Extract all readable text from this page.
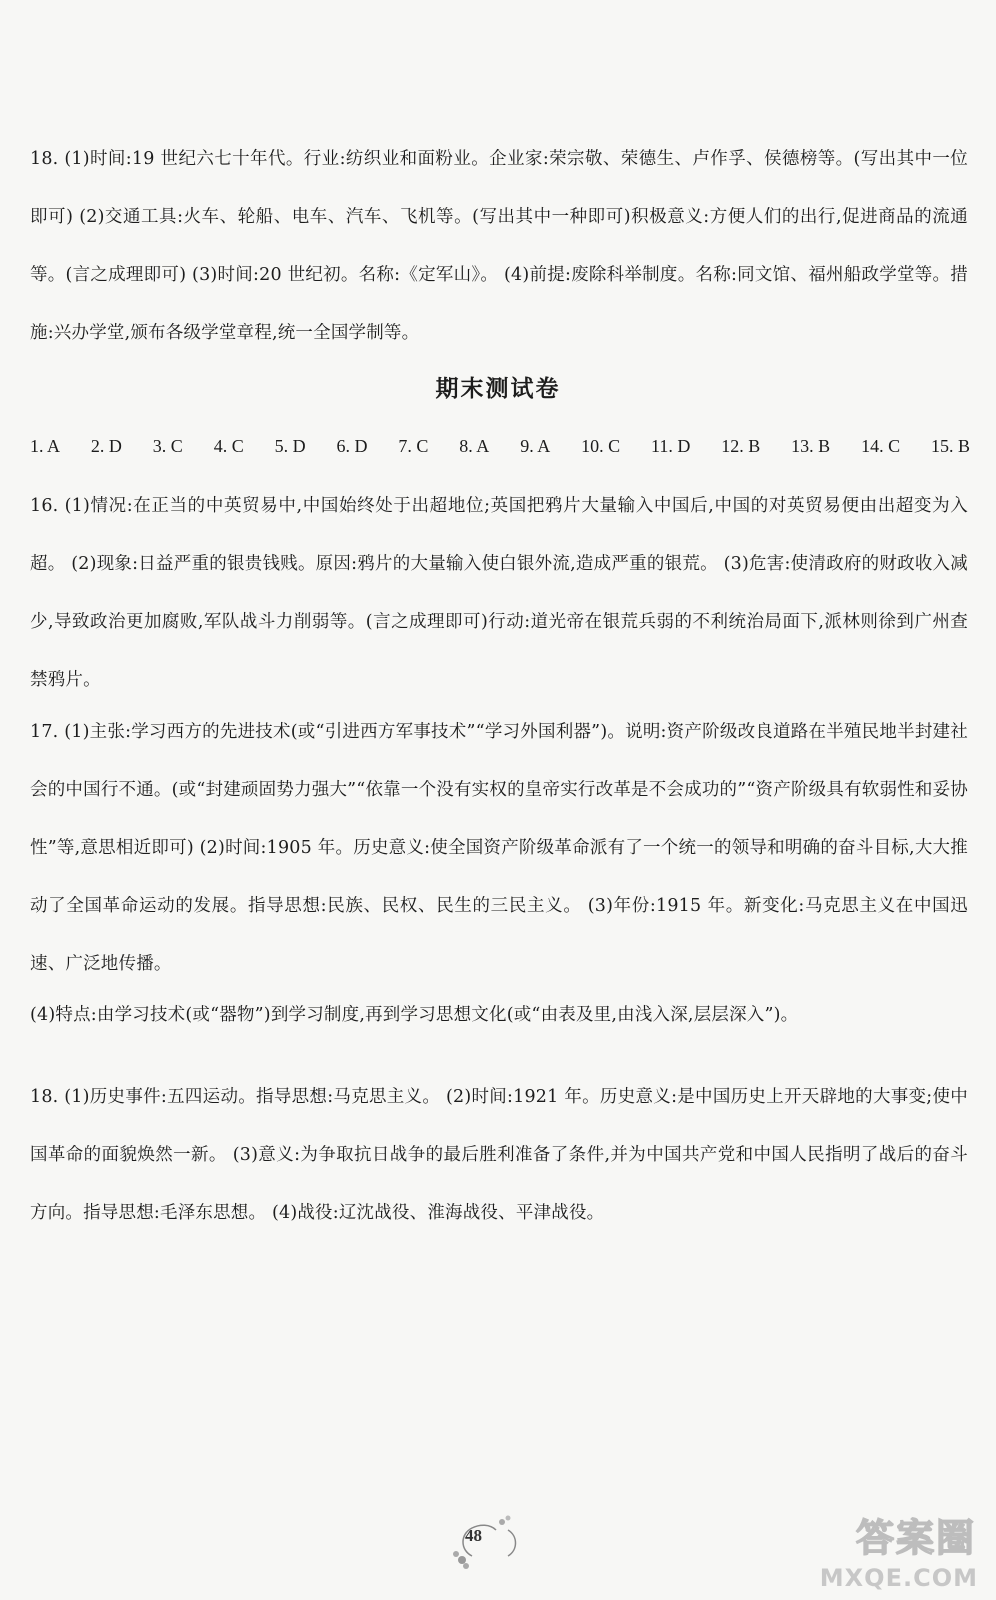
18. (1)时间:19 世纪六七十年代。行业:纺织业和面粉业。企业家:荣宗敬、荣德生、卢作孚、侯德榜等。(写出其中一位即可) (2)交通工具:火车、轮船、电车、汽车、飞机等。(写出其中一种即可)积极意义:方便人们的出行,促进商品的流通等。(言之成理即可) (3)时间:20 世纪初。名称:《定军山》。 (4)前提:废除科举制度。名称:同文馆、福州船政学堂等。措施:兴办学堂,颁布各级学堂章程,统一全国学制等。

期末测试卷
1. A 2. D 3. C 4. C 5. D 6. D 7. C 8. A 9. A 10. C 11. D 12. B 13. B 14. C 15. B

16. (1)情况:在正当的中英贸易中,中国始终处于出超地位;英国把鸦片大量输入中国后,中国的对英贸易便由出超变为入超。 (2)现象:日益严重的银贵钱贱。原因:鸦片的大量输入使白银外流,造成严重的银荒。 (3)危害:使清政府的财政收入减少,导致政治更加腐败,军队战斗力削弱等。(言之成理即可)行动:道光帝在银荒兵弱的不利统治局面下,派林则徐到广州查禁鸦片。

17. (1)主张:学习西方的先进技术(或“引进西方军事技术”“学习外国利器”)。说明:资产阶级改良道路在半殖民地半封建社会的中国行不通。(或“封建顽固势力强大”“依靠一个没有实权的皇帝实行改革是不会成功的”“资产阶级具有软弱性和妥协性”等,意思相近即可) (2)时间:1905 年。历史意义:使全国资产阶级革命派有了一个统一的领导和明确的奋斗目标,大大推动了全国革命运动的发展。指导思想:民族、民权、民生的三民主义。 (3)年份:1915 年。新变化:马克思主义在中国迅速、广泛地传播。

(4)特点:由学习技术(或“器物”)到学习制度,再到学习思想文化(或“由表及里,由浅入深,层层深入”)。

18. (1)历史事件:五四运动。指导思想:马克思主义。 (2)时间:1921 年。历史意义:是中国历史上开天辟地的大事变;使中国革命的面貌焕然一新。 (3)意义:为争取抗日战争的最后胜利准备了条件,并为中国共产党和中国人民指明了战后的奋斗方向。指导思想:毛泽东思想。 (4)战役:辽沈战役、淮海战役、平津战役。

48	答案圈
MXQE.COM
